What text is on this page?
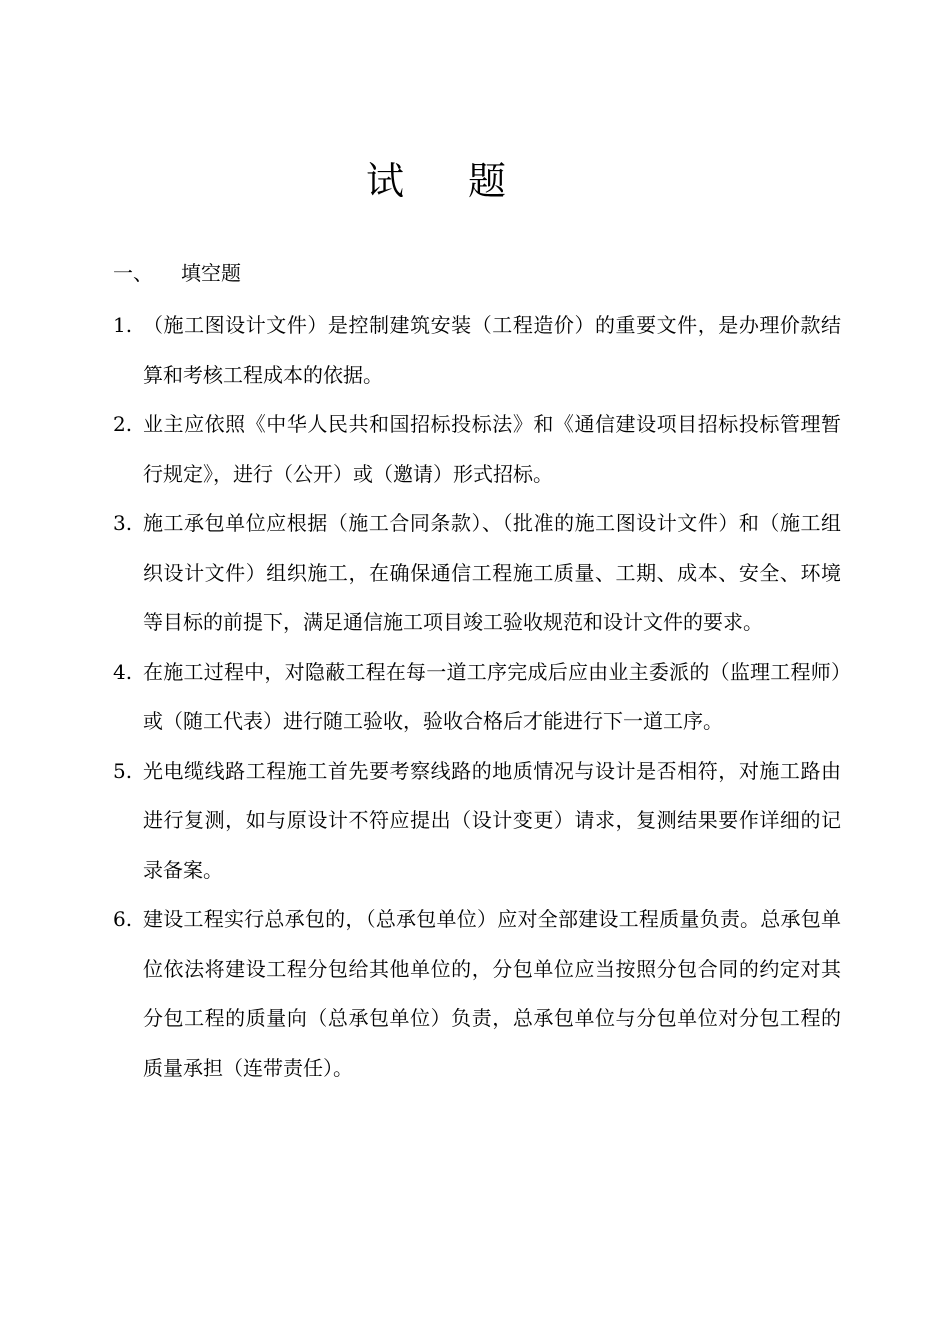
试 题
一、 填空题
1. （施工图设计文件）是控制建筑安装（工程造价）的重要文件，是办理价款结算和考核工程成本的依据。
2. 业主应依照《中华人民共和国招标投标法》和《通信建设项目招标投标管理暂行规定》，进行（公开）或（邀请）形式招标。
3. 施工承包单位应根据（施工合同条款）、（批准的施工图设计文件）和（施工组织设计文件）组织施工，在确保通信工程施工质量、工期、成本、安全、环境等目标的前提下，满足通信施工项目竣工验收规范和设计文件的要求。
4. 在施工过程中，对隐蔽工程在每一道工序完成后应由业主委派的（监理工程师）或（随工代表）进行随工验收，验收合格后才能进行下一道工序。
5. 光电缆线路工程施工首先要考察线路的地质情况与设计是否相符，对施工路由进行复测，如与原设计不符应提出（设计变更）请求，复测结果要作详细的记录备案。
6. 建设工程实行总承包的，（总承包单位）应对全部建设工程质量负责。总承包单位依法将建设工程分包给其他单位的，分包单位应当按照分包合同的约定对其分包工程的质量向（总承包单位）负责，总承包单位与分包单位对分包工程的质量承担（连带责任）。
